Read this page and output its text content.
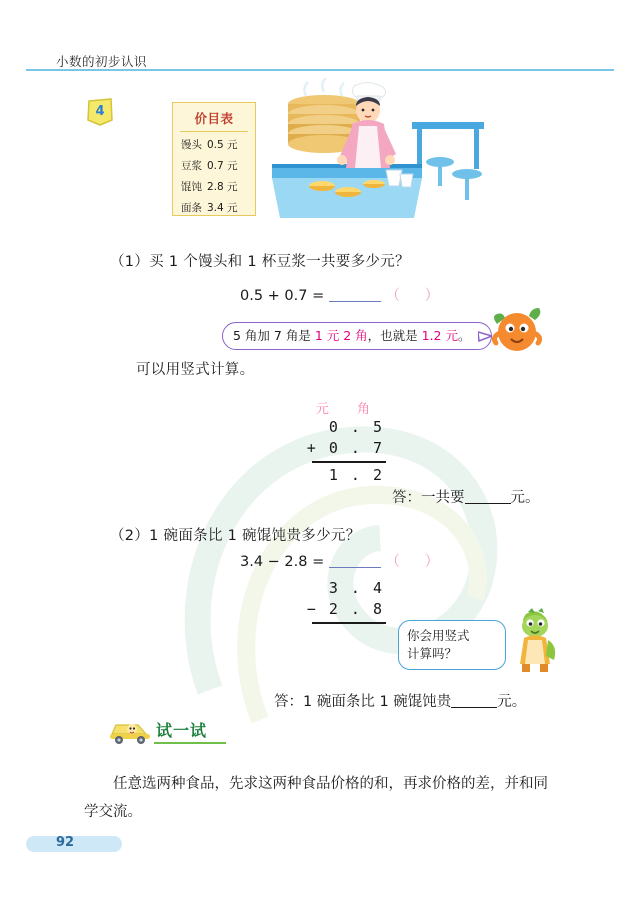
小数的初步认识
4	价目表
馒头 0.5 元
豆浆 0.7 元
馄饨 2.8 元
面条 3.4 元
（1）买 1 个馒头和 1 杯豆浆一共要多少元？
0.5 + 0.7 =	（ ）
5 角加 7 角是 1 元 2 角，也就是 1.2 元。
可以用竖式计算。
元 角
0 . 5
+ 0 . 7
1 . 2
答：一共要	元。
（2）1 碗面条比 1 碗馄饨贵多少元？
3.4 − 2.8 =	（ ）
3 . 4
− 2 . 8
你会用竖式
计算吗？
答：1 碗面条比 1 碗馄饨贵	元。
试一试
任意选两种食品，先求这两种食品价格的和，再求价格的差，并和同学交流。
92
